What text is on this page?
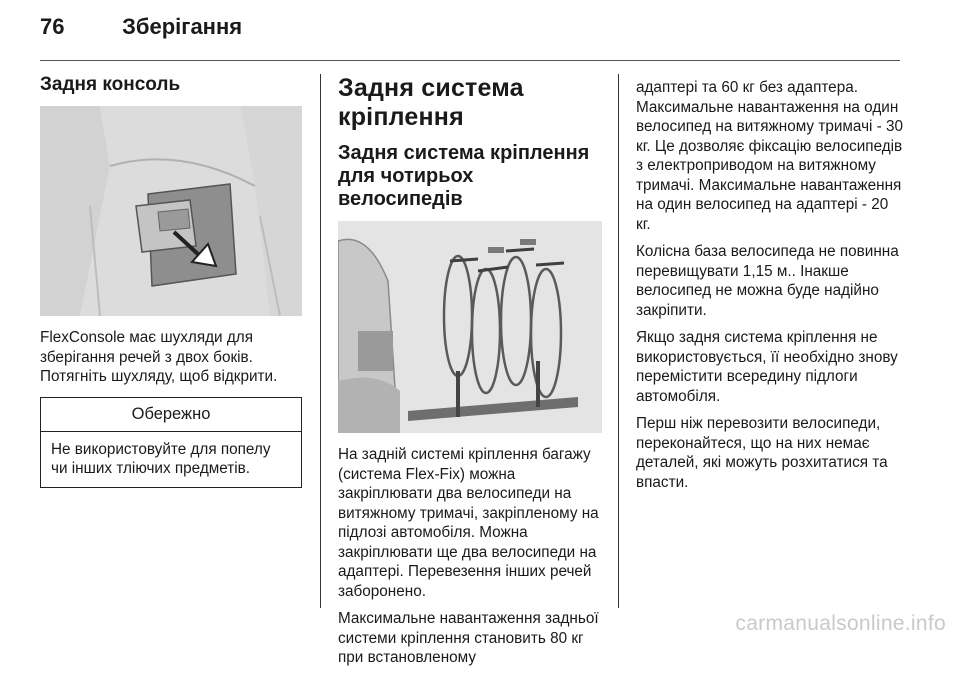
76	Зберігання
Задня консоль

FlexConsole має шухляди для зберігання речей з двох боків. Потягніть шухляду, щоб відкрити.

Обережно
Не використовуйте для попелу чи інших тліючих предметів.
Задня система кріплення
Задня система кріплення для чотирьох велосипедів

На задній системі кріплення багажу (система Flex-Fix) можна закріплювати два велосипеди на витяжному тримачі, закріпленому на підлозі автомобіля. Можна закріплювати ще два велосипеди на адаптері. Перевезення інших речей заборонено.

Максимальне навантаження задньої системи кріплення становить 80 кг при встановленому

адаптері та 60 кг без адаптера. Максимальне навантаження на один велосипед на витяжному тримачі - 30 кг. Це дозволяє фіксацію велосипедів з електроприводом на витяжному тримачі. Максимальне навантаження на один велосипед на адаптері - 20 кг.

Колісна база велосипеда не повинна перевищувати 1,15 м.. Інакше велосипед не можна буде надійно закріпити.

Якщо задня система кріплення не використовується, її необхідно знову перемістити всередину підлоги автомобіля.

Перш ніж перевозити велосипеди, переконайтеся, що на них немає деталей, які можуть розхитатися та впасти.

carmanualsonline.info
